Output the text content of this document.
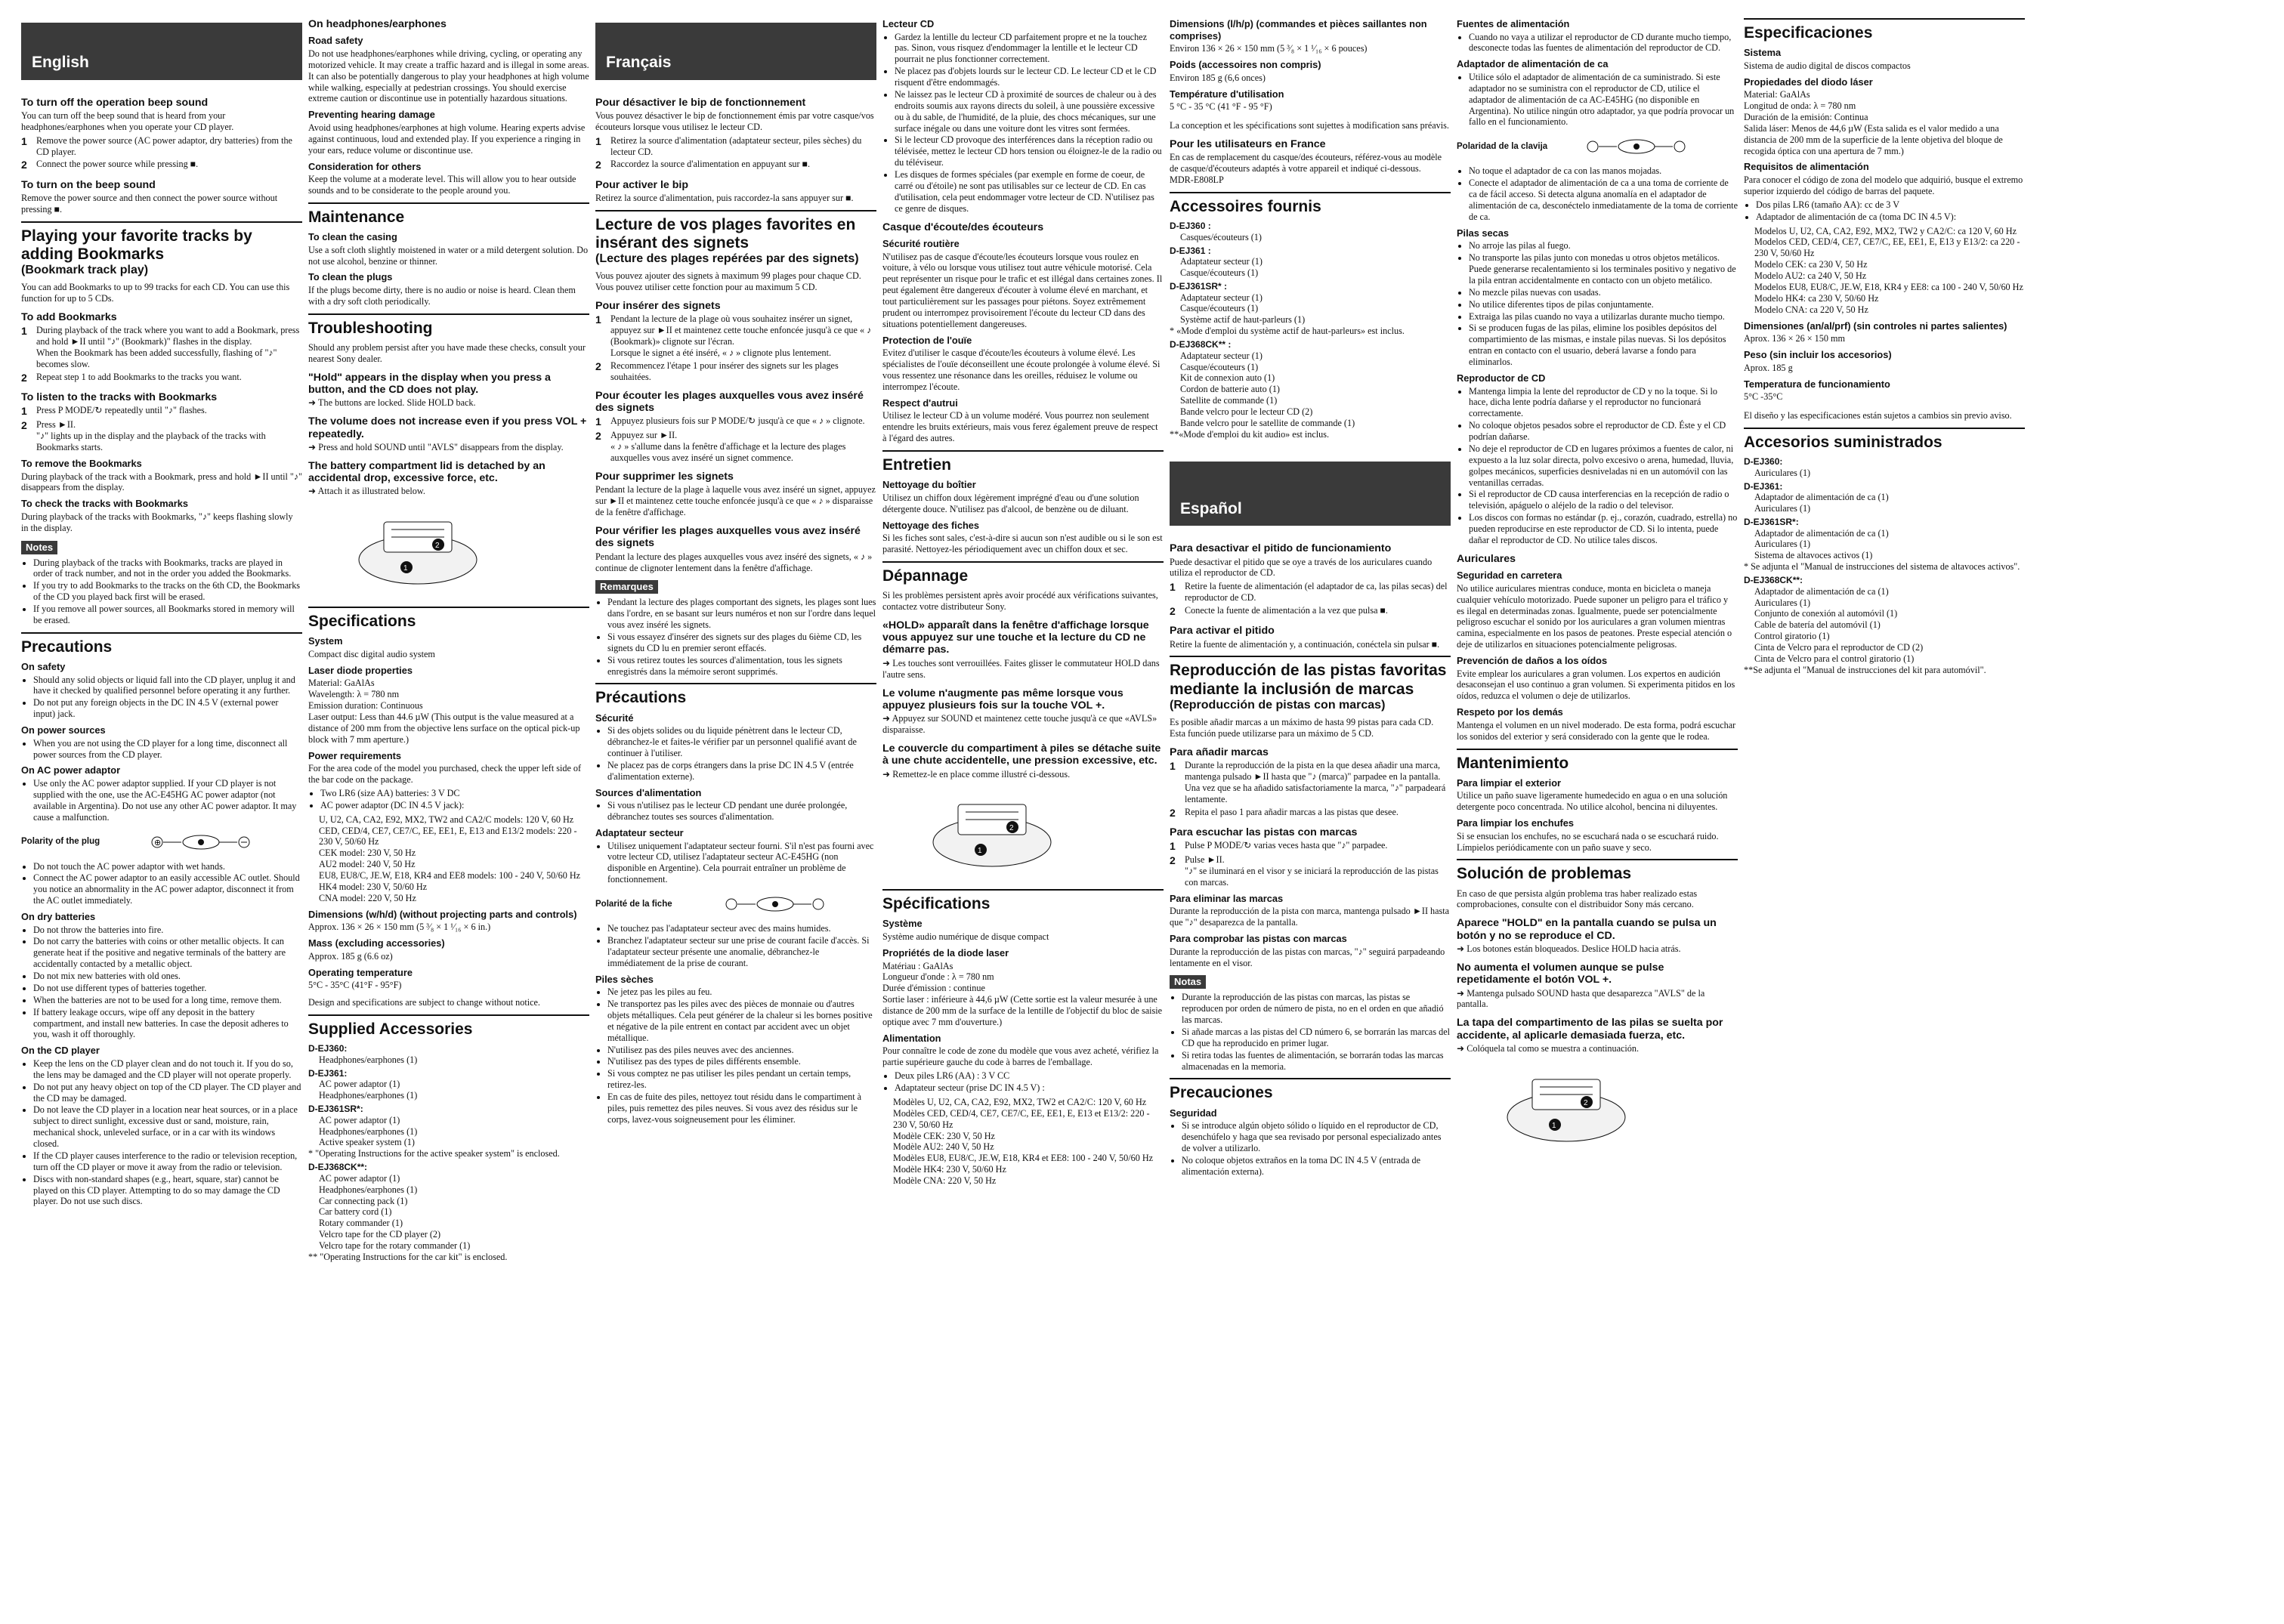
English
To turn off the operation beep sound

You can turn off the beep sound that is heard from your headphones/earphones when you operate your CD player.

1	Remove the power source (AC power adaptor, dry batteries) from the CD player.
2	Connect the power source while pressing ■.
To turn on the beep sound

Remove the power source and then connect the power source without pressing ■.

Playing your favorite tracks by adding Bookmarks
(Bookmark track play)

You can add Bookmarks to up to 99 tracks for each CD. You can use this function for up to 5 CDs.

To add Bookmarks
1	During playback of the track where you want to add a Bookmark, press and hold ►II until "♪" (Bookmark)" flashes in the display.
When the Bookmark has been added successfully, flashing of "♪" becomes slow.
2	Repeat step 1 to add Bookmarks to the tracks you want.
To listen to the tracks with Bookmarks
1	Press P MODE/↻ repeatedly until "♪" flashes.
2	Press ►II.
"♪" lights up in the display and the playback of the tracks with Bookmarks starts.
To remove the Bookmarks

During playback of the track with a Bookmark, press and hold ►II until "♪" disappears from the display.

To check the tracks with Bookmarks

During playback of the tracks with Bookmarks, "♪" keeps flashing slowly in the display.

Notes
• During playback of the tracks with Bookmarks, tracks are played in order of track number, and not in the order you added the Bookmarks.
• If you try to add Bookmarks to the tracks on the 6th CD, the Bookmarks of the CD you played back first will be erased.
• If you remove all power sources, all Bookmarks stored in memory will be erased.
Precautions
On safety
• Should any solid objects or liquid fall into the CD player, unplug it and have it checked by qualified personnel before operating it any further.
• Do not put any foreign objects in the DC IN 4.5 V (external power input) jack.
On power sources
• When you are not using the CD player for a long time, disconnect all power sources from the CD player.
On AC power adaptor
• Use only the AC power adaptor supplied. If your CD player is not supplied with the one, use the AC-E45HG AC power adaptor (not available in Argentina). Do not use any other AC power adaptor. It may cause a malfunction.
Polarity of the plug	⊕
• Do not touch the AC power adaptor with wet hands.
• Connect the AC power adaptor to an easily accessible AC outlet. Should you notice an abnormality in the AC power adaptor, disconnect it from the AC outlet immediately.
On dry batteries
• Do not throw the batteries into fire.
• Do not carry the batteries with coins or other metallic objects. It can generate heat if the positive and negative terminals of the battery are accidentally contacted by a metallic object.
• Do not mix new batteries with old ones.
• Do not use different types of batteries together.
• When the batteries are not to be used for a long time, remove them.
• If battery leakage occurs, wipe off any deposit in the battery compartment, and install new batteries. In case the deposit adheres to you, wash it off thoroughly.
On the CD player
• Keep the lens on the CD player clean and do not touch it. If you do so, the lens may be damaged and the CD player will not operate properly.
• Do not put any heavy object on top of the CD player. The CD player and the CD may be damaged.
• Do not leave the CD player in a location near heat sources, or in a place subject to direct sunlight, excessive dust or sand, moisture, rain, mechanical shock, unleveled surface, or in a car with its windows closed.
• If the CD player causes interference to the radio or television reception, turn off the CD player or move it away from the radio or television.
• Discs with non-standard shapes (e.g., heart, square, star) cannot be played on this CD player. Attempting to do so may damage the CD player. Do not use such discs.
On headphones/earphones
Road safety

Do not use headphones/earphones while driving, cycling, or operating any motorized vehicle. It may create a traffic hazard and is illegal in some areas. It can also be potentially dangerous to play your headphones at high volume while walking, especially at pedestrian crossings. You should exercise extreme caution or discontinue use in potentially hazardous situations.

Preventing hearing damage

Avoid using headphones/earphones at high volume. Hearing experts advise against continuous, loud and extended play. If you experience a ringing in your ears, reduce volume or discontinue use.

Consideration for others

Keep the volume at a moderate level. This will allow you to hear outside sounds and to be considerate to the people around you.

Maintenance
To clean the casing

Use a soft cloth slightly moistened in water or a mild detergent solution. Do not use alcohol, benzine or thinner.

To clean the plugs

If the plugs become dirty, there is no audio or noise is heard. Clean them with a dry soft cloth periodically.

Troubleshooting

Should any problem persist after you have made these checks, consult your nearest Sony dealer.

"Hold" appears in the display when you press a button, and the CD does not play.

➜ The buttons are locked. Slide HOLD back.

The volume does not increase even if you press VOL + repeatedly.

➜ Press and hold SOUND until "AVLS" disappears from the display.

The battery compartment lid is detached by an accidental drop, excessive force, etc.

➜ Attach it as illustrated below.

1
2
Specifications
System

Compact disc digital audio system

Laser diode properties

Material: GaAlAs
Wavelength: λ = 780 nm
Emission duration: Continuous
Laser output: Less than 44.6 µW (This output is the value measured at a distance of 200 mm from the objective lens surface on the optical pick-up block with 7 mm aperture.)

Power requirements

For the area code of the model you purchased, check the upper left side of the bar code on the package.

• Two LR6 (size AA) batteries: 3 V DC
• AC power adaptor (DC IN 4.5 V jack):

U, U2, CA, CA2, E92, MX2, TW2 and CA2/C models: 120 V, 60 Hz
CED, CED/4, CE7, CE7/C, EE, EE1, E, E13 and E13/2 models: 220 - 230 V, 50/60 Hz
CEK model: 230 V, 50 Hz
AU2 model: 240 V, 50 Hz
EU8, EU8/C, JE.W, E18, KR4 and EE8 models: 100 - 240 V, 50/60 Hz
HK4 model: 230 V, 50/60 Hz
CNA model: 220 V, 50 Hz

Dimensions (w/h/d) (without projecting parts and controls)

Approx. 136 × 26 × 150 mm (5 ³⁄₈ × 1 ¹⁄₁₆ × 6 in.)

Mass (excluding accessories)

Approx. 185 g (6.6 oz)

Operating temperature

5°C - 35°C (41°F - 95°F)

Design and specifications are subject to change without notice.

Supplied Accessories
D-EJ360:
Headphones/earphones (1)
D-EJ361:
AC power adaptor (1)
Headphones/earphones (1)
D-EJ361SR*:
AC power adaptor (1)
Headphones/earphones (1)
Active speaker system (1)

* "Operating Instructions for the active speaker system" is enclosed.

D-EJ368CK**:
AC power adaptor (1)
Headphones/earphones (1)
Car connecting pack (1)
Car battery cord (1)
Rotary commander (1)
Velcro tape for the CD player (2)
Velcro tape for the rotary commander (1)

** "Operating Instructions for the car kit" is enclosed.

Français
Pour désactiver le bip de fonctionnement

Vous pouvez désactiver le bip de fonctionnement émis par votre casque/vos écouteurs lorsque vous utilisez le lecteur CD.

1	Retirez la source d'alimentation (adaptateur secteur, piles sèches) du lecteur CD.
2	Raccordez la source d'alimentation en appuyant sur ■.
Pour activer le bip

Retirez la source d'alimentation, puis raccordez-la sans appuyer sur ■.

Lecture de vos plages favorites en insérant des signets
(Lecture des plages repérées par des signets)

Vous pouvez ajouter des signets à maximum 99 plages pour chaque CD. Vous pouvez utiliser cette fonction pour au maximum 5 CD.

Pour insérer des signets
1	Pendant la lecture de la plage où vous souhaitez insérer un signet, appuyez sur ►II et maintenez cette touche enfoncée jusqu'à ce que « ♪ (Bookmark)» clignote sur l'écran.
Lorsque le signet a été inséré, « ♪ » clignote plus lentement.
2	Recommencez l'étape 1 pour insérer des signets sur les plages souhaitées.
Pour écouter les plages auxquelles vous avez inséré des signets
1	Appuyez plusieurs fois sur P MODE/↻ jusqu'à ce que « ♪ » clignote.
2	Appuyez sur ►II.
« ♪ » s'allume dans la fenêtre d'affichage et la lecture des plages auxquelles vous avez inséré un signet commence.
Pour supprimer les signets

Pendant la lecture de la plage à laquelle vous avez inséré un signet, appuyez sur ►II et maintenez cette touche enfoncée jusqu'à ce que « ♪ » disparaisse de la fenêtre d'affichage.

Pour vérifier les plages auxquelles vous avez inséré des signets

Pendant la lecture des plages auxquelles vous avez inséré des signets, « ♪ » continue de clignoter lentement dans la fenêtre d'affichage.

Remarques
• Pendant la lecture des plages comportant des signets, les plages sont lues dans l'ordre, en se basant sur leurs numéros et non sur l'ordre dans lequel vous avez inséré les signets.
• Si vous essayez d'insérer des signets sur des plages du 6ième CD, les signets du CD lu en premier seront effacés.
• Si vous retirez toutes les sources d'alimentation, tous les signets enregistrés dans la mémoire seront supprimés.
Précautions
Sécurité
• Si des objets solides ou du liquide pénètrent dans le lecteur CD, débranchez-le et faites-le vérifier par un personnel qualifié avant de continuer à l'utiliser.
• Ne placez pas de corps étrangers dans la prise DC IN 4.5 V (entrée d'alimentation externe).
Sources d'alimentation
• Si vous n'utilisez pas le lecteur CD pendant une durée prolongée, débranchez toutes ses sources d'alimentation.
Adaptateur secteur
• Utilisez uniquement l'adaptateur secteur fourni. S'il n'est pas fourni avec votre lecteur CD, utilisez l'adaptateur secteur AC-E45HG (non disponible en Argentine). Cela pourrait entraîner un problème de fonctionnement.
Polarité de la fiche
• Ne touchez pas l'adaptateur secteur avec des mains humides.
• Branchez l'adaptateur secteur sur une prise de courant facile d'accès. Si l'adaptateur secteur présente une anomalie, débranchez-le immédiatement de la prise de courant.
Piles sèches
• Ne jetez pas les piles au feu.
• Ne transportez pas les piles avec des pièces de monnaie ou d'autres objets métalliques. Cela peut générer de la chaleur si les bornes positive et négative de la pile entrent en contact par accident avec un objet métallique.
• N'utilisez pas des piles neuves avec des anciennes.
• N'utilisez pas des types de piles différents ensemble.
• Si vous comptez ne pas utiliser les piles pendant un certain temps, retirez-les.
• En cas de fuite des piles, nettoyez tout résidu dans le compartiment à piles, puis remettez des piles neuves. Si vous avez des résidus sur le corps, lavez-vous soigneusement pour les éliminer.
Lecteur CD
• Gardez la lentille du lecteur CD parfaitement propre et ne la touchez pas. Sinon, vous risquez d'endommager la lentille et le lecteur CD pourrait ne plus fonctionner correctement.
• Ne placez pas d'objets lourds sur le lecteur CD. Le lecteur CD et le CD risquent d'être endommagés.
• Ne laissez pas le lecteur CD à proximité de sources de chaleur ou à des endroits soumis aux rayons directs du soleil, à une poussière excessive ou à du sable, de l'humidité, de la pluie, des chocs mécaniques, sur une surface inégale ou dans une voiture dont les vitres sont fermées.
• Si le lecteur CD provoque des interférences dans la réception radio ou télévisée, mettez le lecteur CD hors tension ou éloignez-le de la radio ou du téléviseur.
• Les disques de formes spéciales (par exemple en forme de coeur, de carré ou d'étoile) ne sont pas utilisables sur ce lecteur de CD. En cas d'utilisation, cela peut endommager votre lecteur de CD. N'utilisez pas ce genre de disques.
Casque d'écoute/des écouteurs
Sécurité routière

N'utilisez pas de casque d'écoute/les écouteurs lorsque vous roulez en voiture, à vélo ou lorsque vous utilisez tout autre véhicule motorisé. Cela peut représenter un risque pour le trafic et est illégal dans certaines zones. Il peut également être dangereux d'écouter à volume élevé en marchant, et tout particulièrement sur les passages pour piétons. Soyez extrêmement prudent ou interrompez provisoirement l'écoute du lecteur CD dans des situations potentiellement dangereuses.

Protection de l'ouïe

Evitez d'utiliser le casque d'écoute/les écouteurs à volume élevé. Les spécialistes de l'ouïe déconseillent une écoute prolongée à volume élevé. Si vous ressentez une résonance dans les oreilles, réduisez le volume ou interrompez l'écoute.

Respect d'autrui

Utilisez le lecteur CD à un volume modéré. Vous pourrez non seulement entendre les bruits extérieurs, mais vous ferez également preuve de respect à l'égard des autres.

Entretien
Nettoyage du boîtier

Utilisez un chiffon doux légèrement imprégné d'eau ou d'une solution détergente douce. N'utilisez pas d'alcool, de benzène ou de diluant.

Nettoyage des fiches

Si les fiches sont sales, c'est-à-dire si aucun son n'est audible ou si le son est parasité. Nettoyez-les périodiquement avec un chiffon doux et sec.

Dépannage

Si les problèmes persistent après avoir procédé aux vérifications suivantes, contactez votre distributeur Sony.

«HOLD» apparaît dans la fenêtre d'affichage lorsque vous appuyez sur une touche et la lecture du CD ne démarre pas.

➜ Les touches sont verrouillées. Faites glisser le commutateur HOLD dans l'autre sens.

Le volume n'augmente pas même lorsque vous appuyez plusieurs fois sur la touche VOL +.

➜ Appuyez sur SOUND et maintenez cette touche jusqu'à ce que «AVLS» disparaisse.

Le couvercle du compartiment à piles se détache suite à une chute accidentelle, une pression excessive, etc.

➜ Remettez-le en place comme illustré ci-dessous.

1
2
Spécifications
Système

Système audio numérique de disque compact

Propriétés de la diode laser

Matériau : GaAlAs
Longueur d'onde : λ = 780 nm
Durée d'émission : continue
Sortie laser : inférieure à 44,6 µW (Cette sortie est la valeur mesurée à une distance de 200 mm de la surface de la lentille de l'objectif du bloc de saisie optique avec 7 mm d'ouverture.)

Alimentation

Pour connaître le code de zone du modèle que vous avez acheté, vérifiez la partie supérieure gauche du code à barres de l'emballage.

• Deux piles LR6 (AA) : 3 V CC
• Adaptateur secteur (prise DC IN 4.5 V) :

Modèles U, U2, CA, CA2, E92, MX2, TW2 et CA2/C: 120 V, 60 Hz
Modèles CED, CED/4, CE7, CE7/C, EE, EE1, E, E13 et E13/2: 220 - 230 V, 50/60 Hz
Modèle CEK: 230 V, 50 Hz
Modèle AU2: 240 V, 50 Hz
Modèles EU8, EU8/C, JE.W, E18, KR4 et EE8: 100 - 240 V, 50/60 Hz
Modèle HK4: 230 V, 50/60 Hz
Modèle CNA: 220 V, 50 Hz

Dimensions (l/h/p) (commandes et pièces saillantes non comprises)

Environ 136 × 26 × 150 mm (5 ³⁄₈ × 1 ¹⁄₁₆ × 6 pouces)

Poids (accessoires non compris)

Environ 185 g (6,6 onces)

Température d'utilisation

5 °C - 35 °C (41 °F - 95 °F)

La conception et les spécifications sont sujettes à modification sans préavis.

Pour les utilisateurs en France

En cas de remplacement du casque/des écouteurs, référez-vous au modèle de casque/d'écouteurs adaptés à votre appareil et indiqué ci-dessous.
MDR-E808LP

Accessoires fournis
D-EJ360 :
Casques/écouteurs (1)
D-EJ361 :
Adaptateur secteur (1)
Casque/écouteurs (1)
D-EJ361SR* :
Adaptateur secteur (1)
Casque/écouteurs (1)
Système actif de haut-parleurs (1)

* «Mode d'emploi du système actif de haut-parleurs» est inclus.

D-EJ368CK** :
Adaptateur secteur (1)
Casque/écouteurs (1)
Kit de connexion auto (1)
Cordon de batterie auto (1)
Satellite de commande (1)
Bande velcro pour le lecteur CD (2)
Bande velcro pour le satellite de commande (1)

**«Mode d'emploi du kit audio» est inclus.

Español
Para desactivar el pitido de funcionamiento

Puede desactivar el pitido que se oye a través de los auriculares cuando utiliza el reproductor de CD.

1	Retire la fuente de alimentación (el adaptador de ca, las pilas secas) del reproductor de CD.
2	Conecte la fuente de alimentación a la vez que pulsa ■.
Para activar el pitido

Retire la fuente de alimentación y, a continuación, conéctela sin pulsar ■.

Reproducción de las pistas favoritas mediante la inclusión de marcas
(Reproducción de pistas con marcas)

Es posible añadir marcas a un máximo de hasta 99 pistas para cada CD. Esta función puede utilizarse para un máximo de 5 CD.

Para añadir marcas
1	Durante la reproducción de la pista en la que desea añadir una marca, mantenga pulsado ►II hasta que "♪ (marca)" parpadee en la pantalla.
Una vez que se ha añadido satisfactoriamente la marca, "♪" parpadeará lentamente.
2	Repita el paso 1 para añadir marcas a las pistas que desee.
Para escuchar las pistas con marcas
1	Pulse P MODE/↻ varias veces hasta que "♪" parpadee.
2	Pulse ►II.
"♪" se iluminará en el visor y se iniciará la reproducción de las pistas con marcas.
Para eliminar las marcas

Durante la reproducción de la pista con marca, mantenga pulsado ►II hasta que "♪" desaparezca de la pantalla.

Para comprobar las pistas con marcas

Durante la reproducción de las pistas con marcas, "♪" seguirá parpadeando lentamente en el visor.

Notas
• Durante la reproducción de las pistas con marcas, las pistas se reproducen por orden de número de pista, no en el orden en que añadió las marcas.
• Si añade marcas a las pistas del CD número 6, se borrarán las marcas del CD que ha reproducido en primer lugar.
• Si retira todas las fuentes de alimentación, se borrarán todas las marcas almacenadas en la memoria.
Precauciones
Seguridad
• Si se introduce algún objeto sólido o líquido en el reproductor de CD, desenchúfelo y haga que sea revisado por personal especializado antes de volver a utilizarlo.
• No coloque objetos extraños en la toma DC IN 4.5 V (entrada de alimentación externa).
Fuentes de alimentación
• Cuando no vaya a utilizar el reproductor de CD durante mucho tiempo, desconecte todas las fuentes de alimentación del reproductor de CD.
Adaptador de alimentación de ca
• Utilice sólo el adaptador de alimentación de ca suministrado. Si este adaptador no se suministra con el reproductor de CD, utilice el adaptador de alimentación de ca AC-E45HG (no disponible en Argentina). No utilice ningún otro adaptador, ya que podría provocar un fallo en el funcionamiento.
Polaridad de la clavija
• No toque el adaptador de ca con las manos mojadas.
• Conecte el adaptador de alimentación de ca a una toma de corriente de ca de fácil acceso. Si detecta alguna anomalía en el adaptador de alimentación de ca, desconéctelo inmediatamente de la toma de corriente de ca.
Pilas secas
• No arroje las pilas al fuego.
• No transporte las pilas junto con monedas u otros objetos metálicos. Puede generarse recalentamiento si los terminales positivo y negativo de la pila entran accidentalmente en contacto con un objeto metálico.
• No mezcle pilas nuevas con usadas.
• No utilice diferentes tipos de pilas conjuntamente.
• Extraiga las pilas cuando no vaya a utilizarlas durante mucho tiempo.
• Si se producen fugas de las pilas, elimine los posibles depósitos del compartimiento de las mismas, e instale pilas nuevas. Si los depósitos entran en contacto con el usuario, deberá lavarse a fondo para eliminarlos.
Reproductor de CD
• Mantenga limpia la lente del reproductor de CD y no la toque. Si lo hace, dicha lente podría dañarse y el reproductor no funcionará correctamente.
• No coloque objetos pesados sobre el reproductor de CD. Éste y el CD podrían dañarse.
• No deje el reproductor de CD en lugares próximos a fuentes de calor, ni expuesto a la luz solar directa, polvo excesivo o arena, humedad, lluvia, golpes mecánicos, superficies desniveladas ni en un automóvil con las ventanillas cerradas.
• Si el reproductor de CD causa interferencias en la recepción de radio o televisión, apáguelo o aléjelo de la radio o del televisor.
• Los discos con formas no estándar (p. ej., corazón, cuadrado, estrella) no pueden reproducirse en este reproductor de CD. Si lo intenta, puede dañar el reproductor de CD. No utilice tales discos.
Auriculares
Seguridad en carretera

No utilice auriculares mientras conduce, monta en bicicleta o maneja cualquier vehículo motorizado. Puede suponer un peligro para el tráfico y es ilegal en determinadas zonas. Igualmente, puede ser potencialmente peligroso escuchar el sonido por los auriculares a gran volumen mientras camina, especialmente en los pasos de peatones. Preste especial atención o deje de utilizarlos en situaciones potencialmente peligrosas.

Prevención de daños a los oídos

Evite emplear los auriculares a gran volumen. Los expertos en audición desaconsejan el uso continuo a gran volumen. Si experimenta pitidos en los oídos, reduzca el volumen o deje de utilizarlos.

Respeto por los demás

Mantenga el volumen en un nivel moderado. De esta forma, podrá escuchar los sonidos del exterior y será considerado con la gente que le rodea.

Mantenimiento
Para limpiar el exterior

Utilice un paño suave ligeramente humedecido en agua o en una solución detergente poco concentrada. No utilice alcohol, bencina ni diluyentes.

Para limpiar los enchufes

Si se ensucian los enchufes, no se escuchará nada o se escuchará ruido. Límpielos periódicamente con un paño suave y seco.

Solución de problemas

En caso de que persista algún problema tras haber realizado estas comprobaciones, consulte con el distribuidor Sony más cercano.

Aparece "HOLD" en la pantalla cuando se pulsa un botón y no se reproduce el CD.

➜ Los botones están bloqueados. Deslice HOLD hacia atrás.

No aumenta el volumen aunque se pulse repetidamente el botón VOL +.

➜ Mantenga pulsado SOUND hasta que desaparezca "AVLS" de la pantalla.

La tapa del compartimento de las pilas se suelta por accidente, al aplicarle demasiada fuerza, etc.

➜ Colóquela tal como se muestra a continuación.

1
2
Especificaciones
Sistema

Sistema de audio digital de discos compactos

Propiedades del diodo láser

Material: GaAlAs
Longitud de onda: λ = 780 nm
Duración de la emisión: Continua
Salida láser: Menos de 44,6 µW (Esta salida es el valor medido a una distancia de 200 mm de la superficie de la lente objetiva del bloque de recogida óptica con una apertura de 7 mm.)

Requisitos de alimentación

Para conocer el código de zona del modelo que adquirió, busque el extremo superior izquierdo del código de barras del paquete.

• Dos pilas LR6 (tamaño AA): cc de 3 V
• Adaptador de alimentación de ca (toma DC IN 4.5 V):

Modelos U, U2, CA, CA2, E92, MX2, TW2 y CA2/C: ca 120 V, 60 Hz
Modelos CED, CED/4, CE7, CE7/C, EE, EE1, E, E13 y E13/2: ca 220 - 230 V, 50/60 Hz
Modelo CEK: ca 230 V, 50 Hz
Modelo AU2: ca 240 V, 50 Hz
Modelos EU8, EU8/C, JE.W, E18, KR4 y EE8: ca 100 - 240 V, 50/60 Hz
Modelo HK4: ca 230 V, 50/60 Hz
Modelo CNA: ca 220 V, 50 Hz

Dimensiones (an/al/prf) (sin controles ni partes salientes)

Aprox. 136 × 26 × 150 mm

Peso (sin incluir los accesorios)

Aprox. 185 g

Temperatura de funcionamiento

5°C -35°C

El diseño y las especificaciones están sujetos a cambios sin previo aviso.

Accesorios suministrados
D-EJ360:
Auriculares (1)
D-EJ361:
Adaptador de alimentación de ca (1)
Auriculares (1)
D-EJ361SR*:
Adaptador de alimentación de ca (1)
Auriculares (1)
Sistema de altavoces activos (1)

* Se adjunta el "Manual de instrucciones del sistema de altavoces activos".

D-EJ368CK**:
Adaptador de alimentación de ca (1)
Auriculares (1)
Conjunto de conexión al automóvil (1)
Cable de batería del automóvil (1)
Control giratorio (1)
Cinta de Velcro para el reproductor de CD (2)
Cinta de Velcro para el control giratorio (1)

**Se adjunta el "Manual de instrucciones del kit para automóvil".
